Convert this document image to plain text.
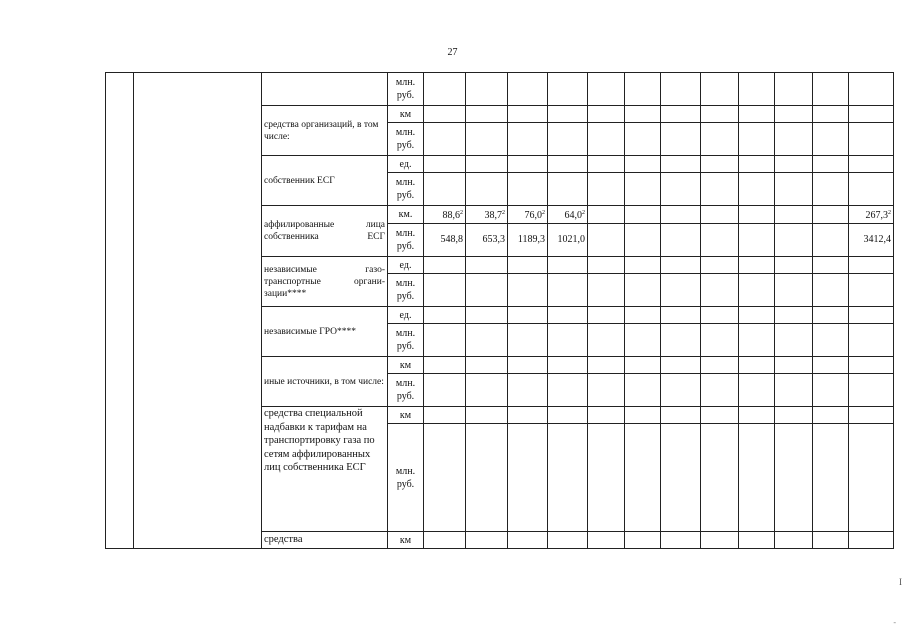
27
			млн. руб.												
		средства организаций, в том числе:	км												
			млн. руб.												
		собственник ЕСГ	ед.												
			млн. руб.												
		аффилированные лица собственника ЕСГ	км.	88,6$^2$	38,7$^2$	76,0$^2$	64,0$^2$								267,3$^2$
			млн. руб.	548,8	653,3	1189,3	1021,0								3412,4
		независимые газо- транспортные органи- зации****	ед.												
			млн. руб.												
		независимые ГРО****	ед.												
			млн. руб.												
		иные источники, в том числе:	км												
			млн. руб.												
		средства специальной надбавки к тарифам на транспортировку газа по сетям аффилированных лиц собственника ЕСГ	км												
			млн. руб.												
		средства	км												
I
-
